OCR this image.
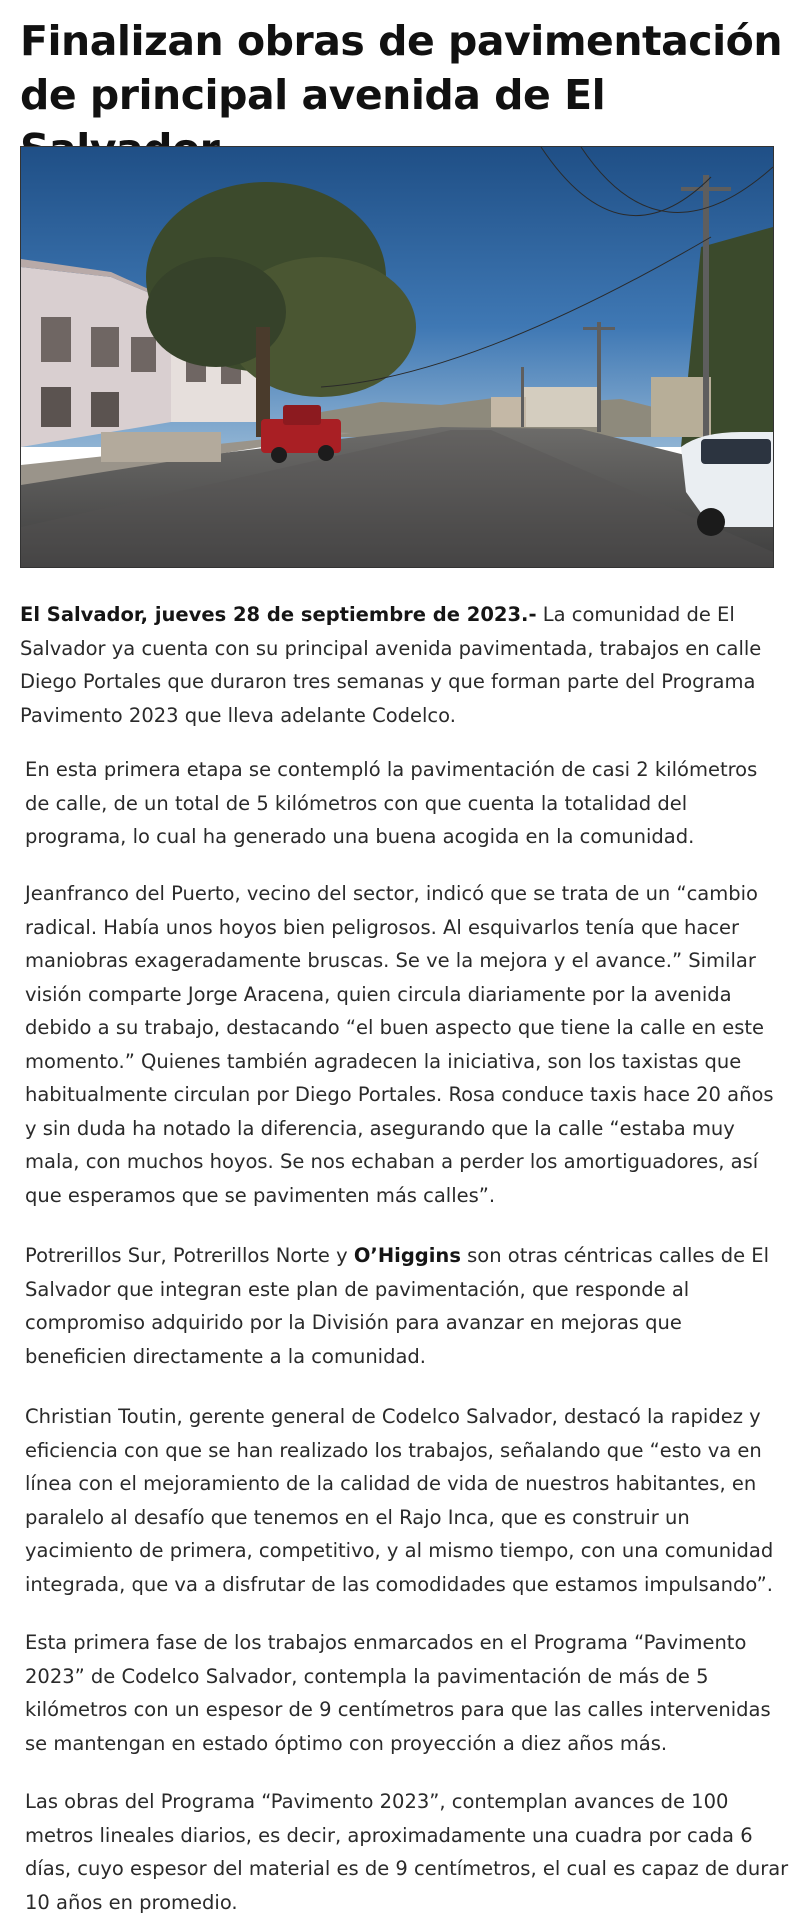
Finalizan obras de pavimentación de principal avenida de El

El Salvador, jueves 28 de septiembre de 2023.- La comunidad de El Salvador ya cuenta con su principal avenida pavimentada, trabajos en calle Diego Portales que duraron tres semanas y que forman parte del Programa Pavimento 2023 que lleva adelante Codelco.

En esta primera etapa se contempló la pavimentación de casi 2 kilómetros de calle, de un total de 5 kilómetros con que cuenta la totalidad del programa, lo cual ha generado una buena acogida en la comunidad.

Jeanfranco del Puerto, vecino del sector, indicó que se trata de un “cambio radical. Había unos hoyos bien peligrosos. Al esquivarlos tenía que hacer maniobras exageradamente bruscas. Se ve la mejora y el avance.” Similar visión comparte Jorge Aracena, quien circula diariamente por la avenida debido a su trabajo, destacando “el buen aspecto que tiene la calle en este momento.” Quienes también agradecen la iniciativa, son los taxistas que habitualmente circulan por Diego Portales. Rosa conduce taxis hace 20 años y sin duda ha notado la diferencia, asegurando que la calle “estaba muy mala, con muchos hoyos. Se nos echaban a perder los amortiguadores, así que esperamos que se pavimenten más calles”.

Potrerillos Sur, Potrerillos Norte y O’Higgins son otras céntricas calles de El Salvador que integran este plan de pavimentación, que responde al compromiso adquirido por la División para avanzar en mejoras que beneficien directamente a la comunidad.

Christian Toutin, gerente general de Codelco Salvador, destacó la rapidez y eficiencia con que se han realizado los trabajos, señalando que “esto va en línea con el mejoramiento de la calidad de vida de nuestros habitantes, en paralelo al desafío que tenemos en el Rajo Inca, que es construir un yacimiento de primera, competitivo, y al mismo tiempo, con una comunidad integrada, que va a disfrutar de las comodidades que estamos impulsando”.

Esta primera fase de los trabajos enmarcados en el Programa “Pavimento 2023” de Codelco Salvador, contempla la pavimentación de más de 5 kilómetros con un espesor de 9 centímetros para que las calles intervenidas se mantengan en estado óptimo con proyección a diez años más.

Las obras del Programa “Pavimento 2023”, contemplan avances de 100 metros lineales diarios, es decir, aproximadamente una cuadra por cada 6 días, cuyo espesor del material es de 9 centímetros, el cual es capaz de durar 10 años en promedio.
